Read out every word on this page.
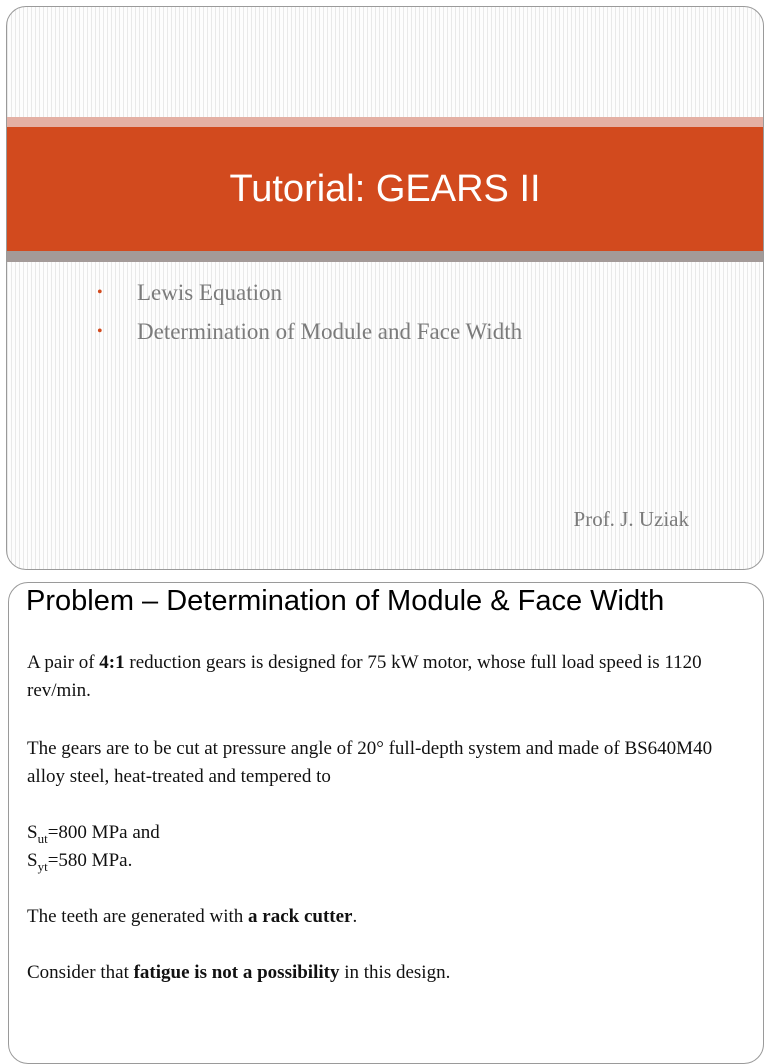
Tutorial: GEARS II
• Lewis Equation
• Determination of Module and Face Width
Prof. J. Uziak
Problem – Determination of Module & Face Width

A pair of 4:1 reduction gears is designed for 75 kW motor, whose full load speed is 1120 rev/min.

The gears are to be cut at pressure angle of 20° full-depth system and made of BS640M40 alloy steel, heat-treated and tempered to

$S_{ut}=800$ MPa and

$S_{yt}=580$ MPa.

The teeth are generated with a rack cutter.

Consider that fatigue is not a possibility in this design.
